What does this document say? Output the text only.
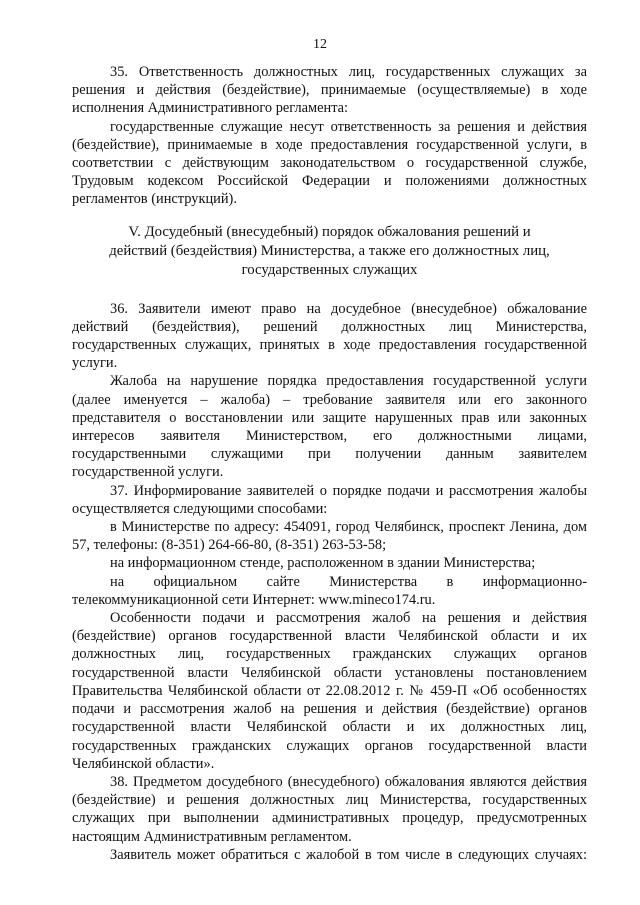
12

35. Ответственность должностных лиц, государственных служащих за решения и действия (бездействие), принимаемые (осуществляемые) в ходе исполнения Административного регламента:

государственные служащие несут ответственность за решения и действия (бездействие), принимаемые в ходе предоставления государственной услуги, в соответствии с действующим законодательством о государственной службе, Трудовым кодексом Российской Федерации и положениями должностных регламентов (инструкций).

V. Досудебный (внесудебный) порядок обжалования решений и
действий (бездействия) Министерства, а также его должностных лиц,
государственных служащих

36. Заявители имеют право на досудебное (внесудебное) обжалование действий (бездействия), решений должностных лиц Министерства, государственных служащих, принятых в ходе предоставления государственной услуги.

Жалоба на нарушение порядка предоставления государственной услуги (далее именуется – жалоба) – требование заявителя или его законного представителя о восстановлении или защите нарушенных прав или законных интересов заявителя Министерством, его должностными лицами, государственными служащими при получении данным заявителем государственной услуги.

37. Информирование заявителей о порядке подачи и рассмотрения жалобы осуществляется следующими способами:

в Министерстве по адресу: 454091, город Челябинск, проспект Ленина, дом 57, телефоны: (8-351) 264-66-80, (8-351) 263-53-58;

на информационном стенде, расположенном в здании Министерства;

на официальном сайте Министерства в информационно-телекоммуникационной сети Интернет: www.mineco174.ru.

Особенности подачи и рассмотрения жалоб на решения и действия (бездействие) органов государственной власти Челябинской области и их должностных лиц, государственных гражданских служащих органов государственной власти Челябинской области установлены постановлением Правительства Челябинской области от 22.08.2012 г. № 459-П «Об особенностях подачи и рассмотрения жалоб на решения и действия (бездействие) органов государственной власти Челябинской области и их должностных лиц, государственных гражданских служащих органов государственной власти Челябинской области».

38. Предметом досудебного (внесудебного) обжалования являются действия (бездействие) и решения должностных лиц Министерства, государственных служащих при выполнении административных процедур, предусмотренных настоящим Административным регламентом.

Заявитель может обратиться с жалобой в том числе в следующих случаях:
